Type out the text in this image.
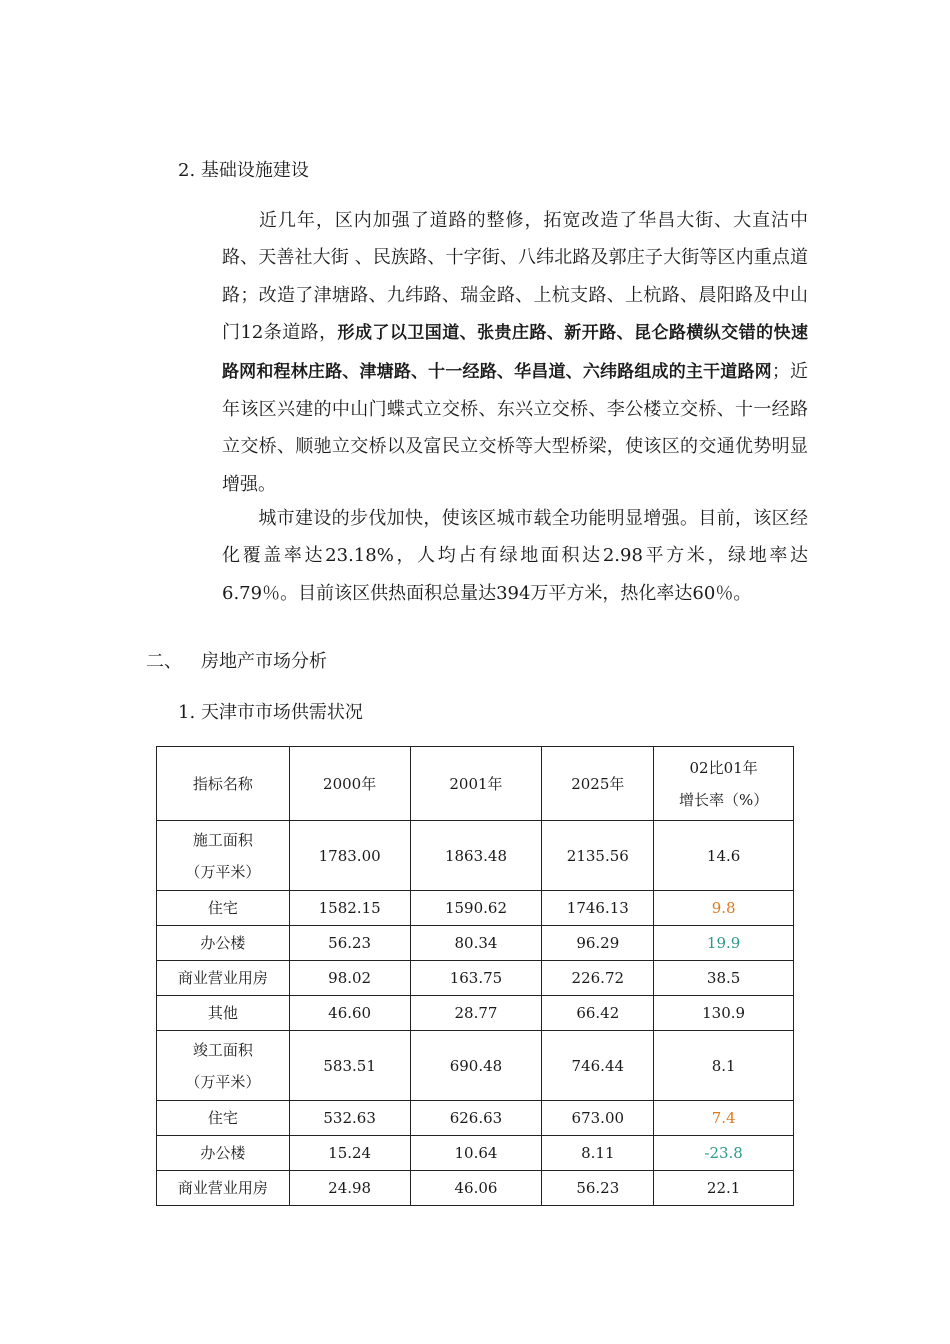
2. 基础设施建设

近几年，区内加强了道路的整修，拓宽改造了华昌大街、大直沽中路、天善社大街 、民族路、十字街、八纬北路及郭庄子大街等区内重点道路；改造了津塘路、九纬路、瑞金路、上杭支路、上杭路、晨阳路及中山门12条道路，形成了以卫国道、张贵庄路、新开路、昆仑路横纵交错的快速路网和程林庄路、津塘路、十一经路、华昌道、六纬路组成的主干道路网；近年该区兴建的中山门蝶式立交桥、东兴立交桥、李公楼立交桥、十一经路立交桥、顺驰立交桥以及富民立交桥等大型桥梁，使该区的交通优势明显增强。

城市建设的步伐加快，使该区城市载全功能明显增强。目前，该区经化覆盖率达23.18%，人均占有绿地面积达2.98平方米，绿地率达6.79％。目前该区供热面积总量达394万平方米，热化率达60％。

二、 房地产市场分析
1. 天津市市场供需状况
指标名称	2000年	2001年	2025年	02比01年
增长率（%）

施工面积
（万平米）	1783.00	1863.48	2135.56	14.6
住宅	1582.15	1590.62	1746.13	9.8
办公楼	56.23	80.34	96.29	19.9
商业营业用房	98.02	163.75	226.72	38.5
其他	46.60	28.77	66.42	130.9

竣工面积
（万平米）	583.51	690.48	746.44	8.1
住宅	532.63	626.63	673.00	7.4
办公楼	15.24	10.64	8.11	-23.8
商业营业用房	24.98	46.06	56.23	22.1
